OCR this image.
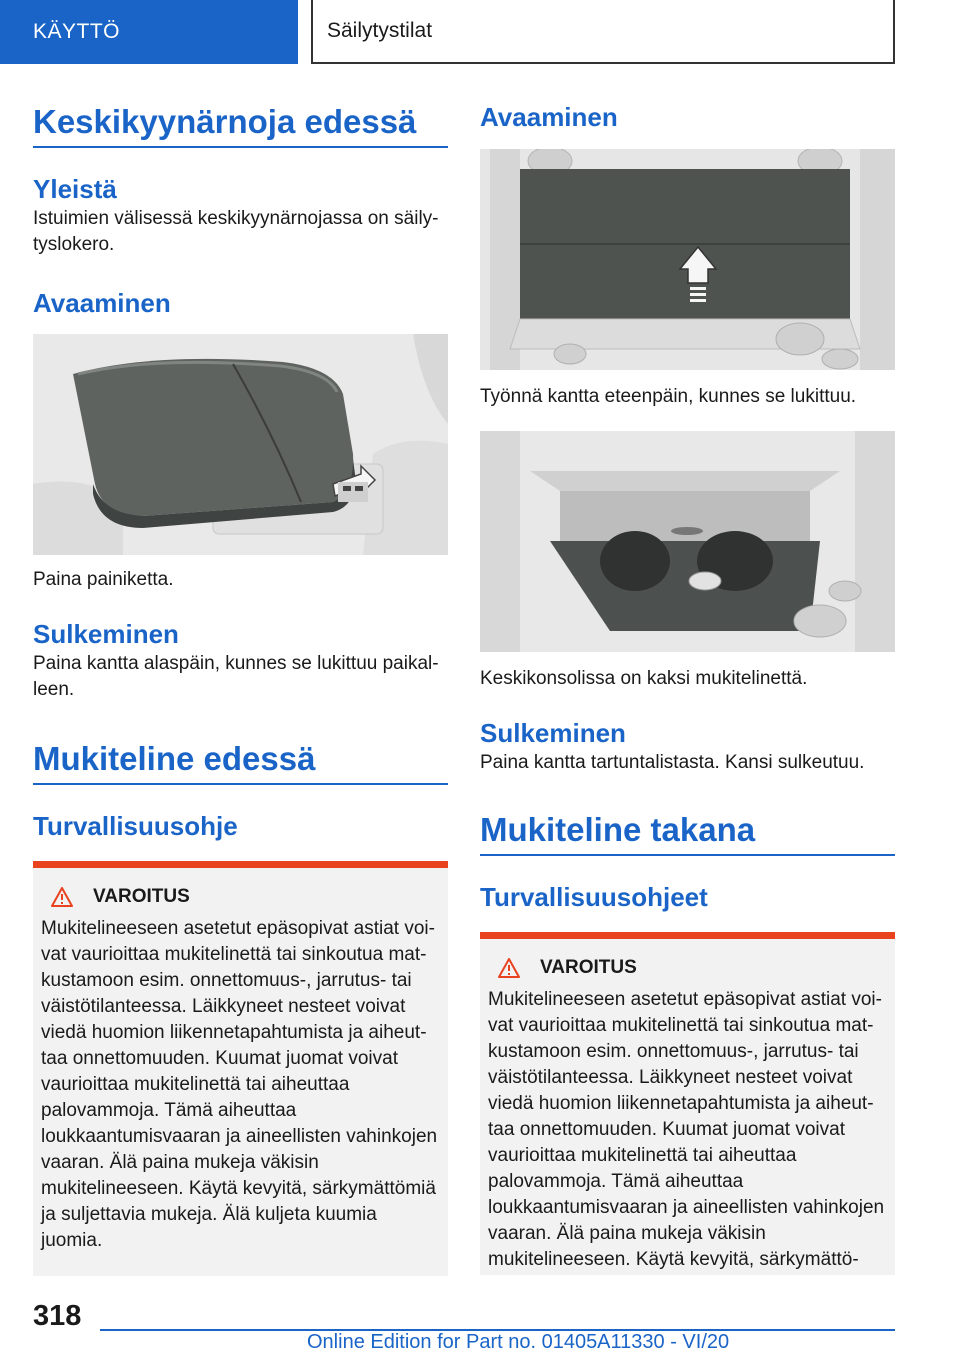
KÄYTTÖ	Säilytystilat
Keskikyynärnoja edessä
Yleistä

Istuimien välisessä keskikyynärnojassa on säilytyslokero.

Avaaminen

Paina painiketta.

Sulkeminen

Paina kantta alaspäin, kunnes se lukittuu paikalleen.

Mukiteline edessä
Turvallisuusohje
VAROITUS

Mukitelineeseen asetetut epäsopivat astiat voivat vaurioittaa mukitelinettä tai sinkoutua matkustamoon esim. onnettomuus-, jarrutus- tai väistötilanteessa. Läikkyneet nesteet voivat viedä huomion liikennetapahtumista ja aiheuttaa onnettomuuden. Kuumat juomat voivat vaurioittaa mukitelinettä tai aiheuttaa palovammoja. Tämä aiheuttaa loukkaantumisvaaran ja aineellisten vahinkojen vaaran. Älä paina mukeja väkisin mukitelineeseen. Käytä kevyitä, särkymättömiä ja suljettavia mukeja. Älä kuljeta kuumia juomia.

Avaaminen

Työnnä kantta eteenpäin, kunnes se lukittuu.

Keskikonsolissa on kaksi mukitelinettä.

Sulkeminen

Paina kantta tartuntalistasta. Kansi sulkeutuu.

Mukiteline takana
Turvallisuusohjeet
VAROITUS

Mukitelineeseen asetetut epäsopivat astiat voivat vaurioittaa mukitelinettä tai sinkoutua matkustamoon esim. onnettomuus-, jarrutus- tai väistötilanteessa. Läikkyneet nesteet voivat viedä huomion liikennetapahtumista ja aiheuttaa onnettomuuden. Kuumat juomat voivat vaurioittaa mukitelinettä tai aiheuttaa palovammoja. Tämä aiheuttaa loukkaantumisvaaran ja aineellisten vahinkojen vaaran. Älä paina mukeja väkisin mukitelineeseen. Käytä kevyitä, särkymättö-

318
Online Edition for Part no. 01405A11330 - VI/20
